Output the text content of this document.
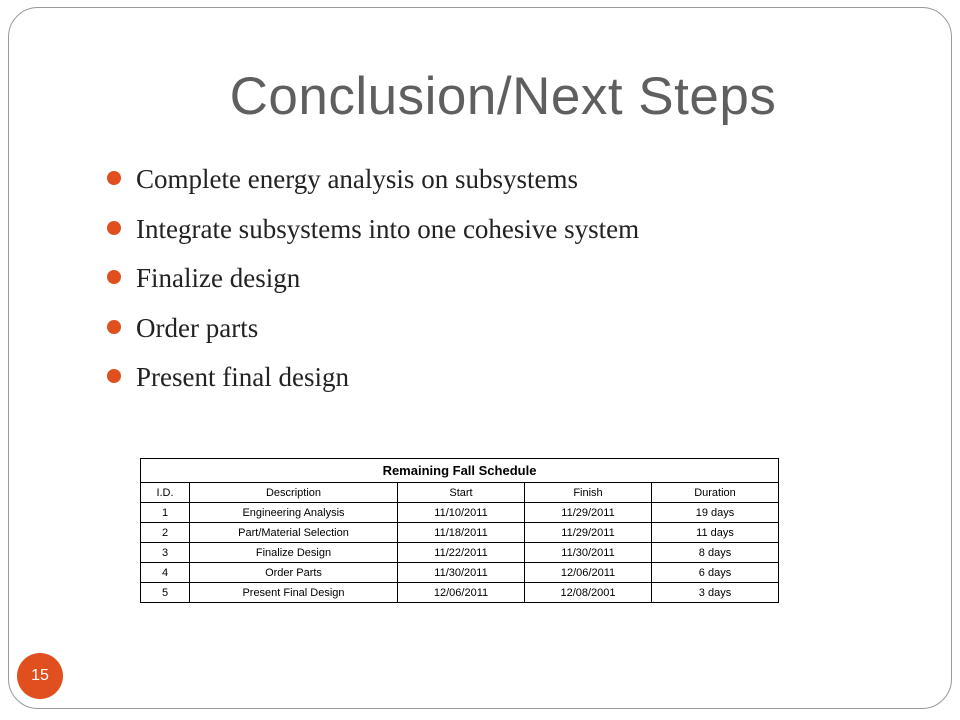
Conclusion/Next Steps
Complete energy analysis on subsystems
Integrate subsystems into one cohesive system
Finalize design
Order parts
Present final design
Remaining Fall Schedule				
I.D.	Description	Start	Finish	Duration
1	Engineering Analysis	11/10/2011	11/29/2011	19 days
2	Part/Material Selection	11/18/2011	11/29/2011	11 days
3	Finalize Design	11/22/2011	11/30/2011	8 days
4	Order Parts	11/30/2011	12/06/2011	6 days
5	Present Final Design	12/06/2011	12/08/2001	3 days
15
